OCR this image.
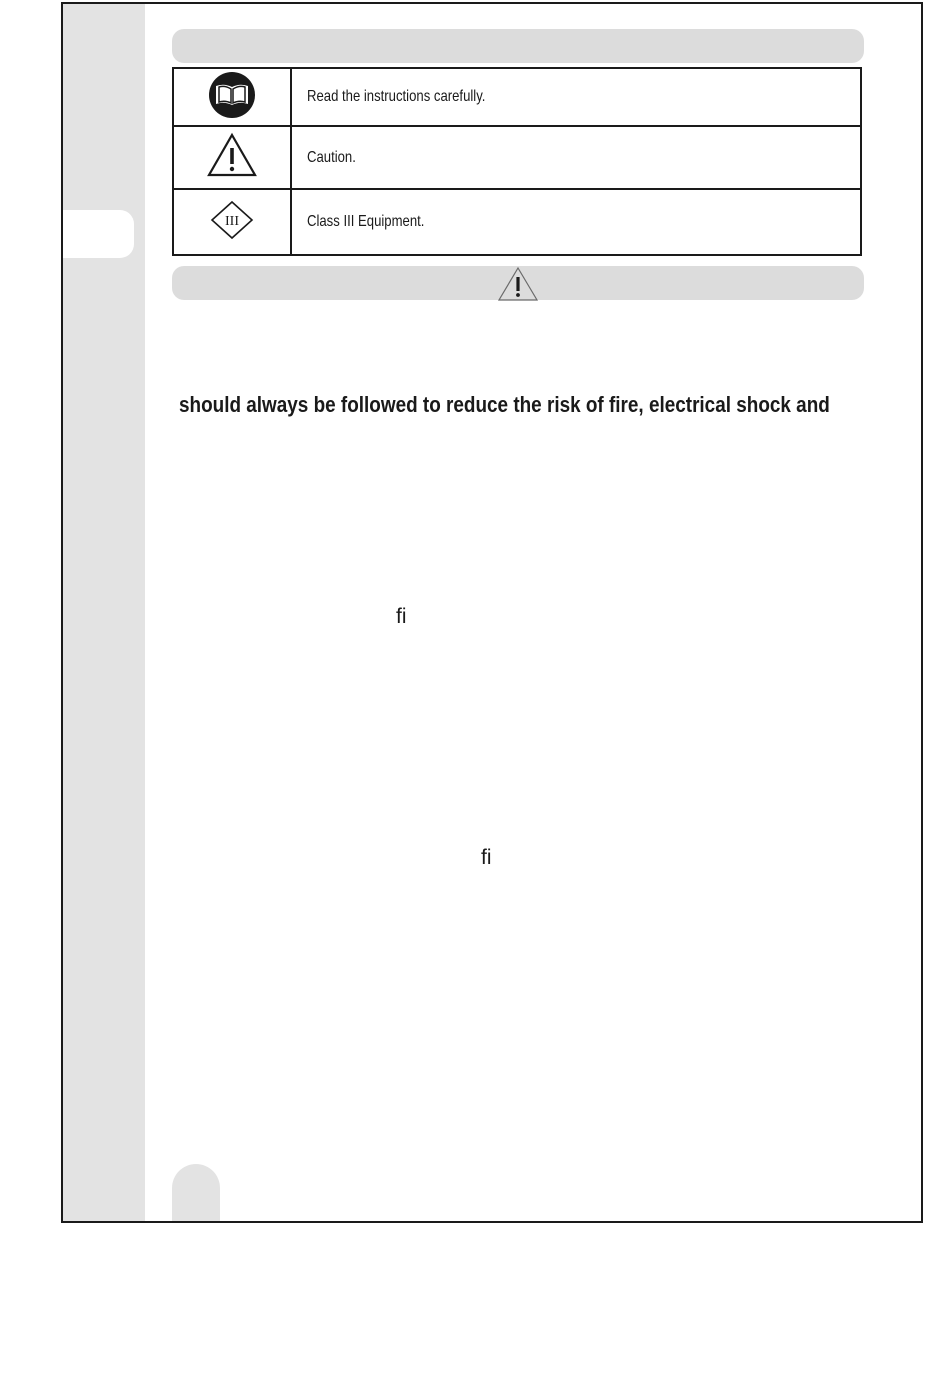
	Read the instructions carefully.
	Caution.

III	Class III Equipment.
should always be followed to reduce the risk of fire, electrical shock and
ﬁ
ﬁ
